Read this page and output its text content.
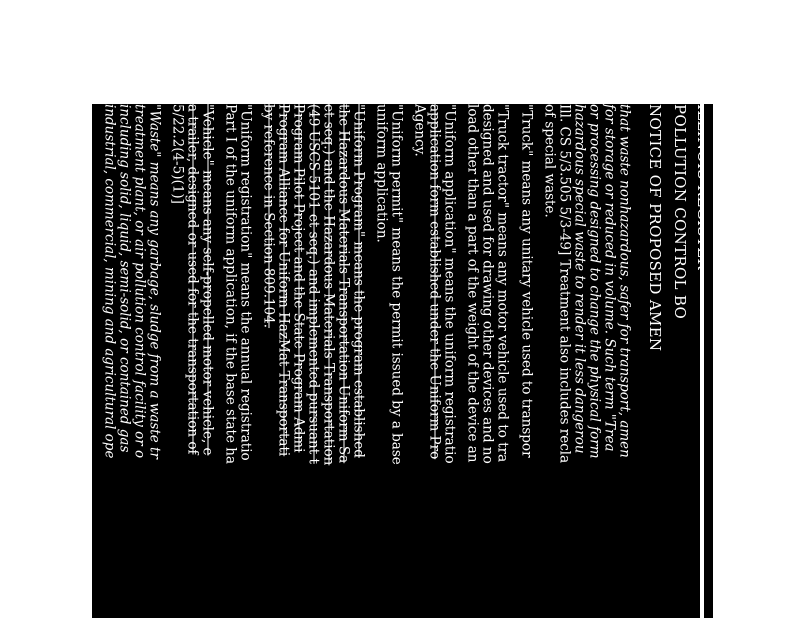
POLLUTION CONTROL BO
NOTICE OF PROPOSED AMEN
that waste nonhazardous, safer for transport, amen
for storage or reduced in volume. Such term "Trea
or processing designed to change the physical form
hazardous special waste to render it less dangerou
Ill. CS 5/3.505 5/3-49] Treatment also includes recla
of special waste.
"Truck" means any unitary vehicle used to transpor
"Truck tractor" means any motor vehicle used to tra
designed and used for drawing other devices and no
load other than a part of the weight of the device an
"Uniform application" means the uniform registratio
application form established under the Uniform Pro
Agency.
"Uniform permit" means the permit issued by a base
uniform application.
"Uniform Program" means the program established
the Hazardous Materials Transportation Uniform Sa
et seq.) and the Hazardous Materials Transportation
(49 USCS 5101 et seq.) and implemented pursuant t
Program Pilot Project and the State Program Admi
Program Alliance for Uniform HazMat Transportati
by reference in Section 809.104.
"Uniform registration" means the annual registratio
Part I of the uniform application, if the base state ha
"Vehicle" means any self-propelled motor vehicle, e
a trailer, designed or used for the transportation of
5/22.2(4-5)(1)]
"Waste" means any garbage, sludge from a waste tr
treatment plant, or air pollution control facility or o
including solid, liquid, semi-solid, or contained gas
industrial, commercial, mining and agricultural ope
